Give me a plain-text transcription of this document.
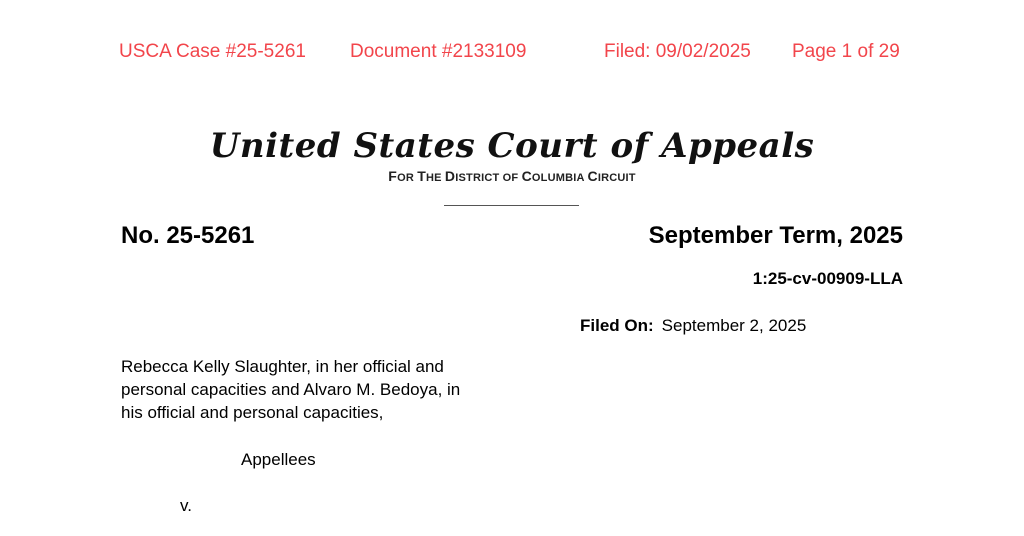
USCA Case #25-5261 Document #2133109	Filed: 09/02/2025 Page 1 of 29
United States Court of Appeals
FOR THE DISTRICT OF COLUMBIA CIRCUIT
No. 25-5261	September Term, 2025
1:25-cv-00909-LLA
Filed On: September 2, 2025
Rebecca Kelly Slaughter, in her official and
personal capacities and Alvaro M. Bedoya, in
his official and personal capacities,
Appellees
v.
